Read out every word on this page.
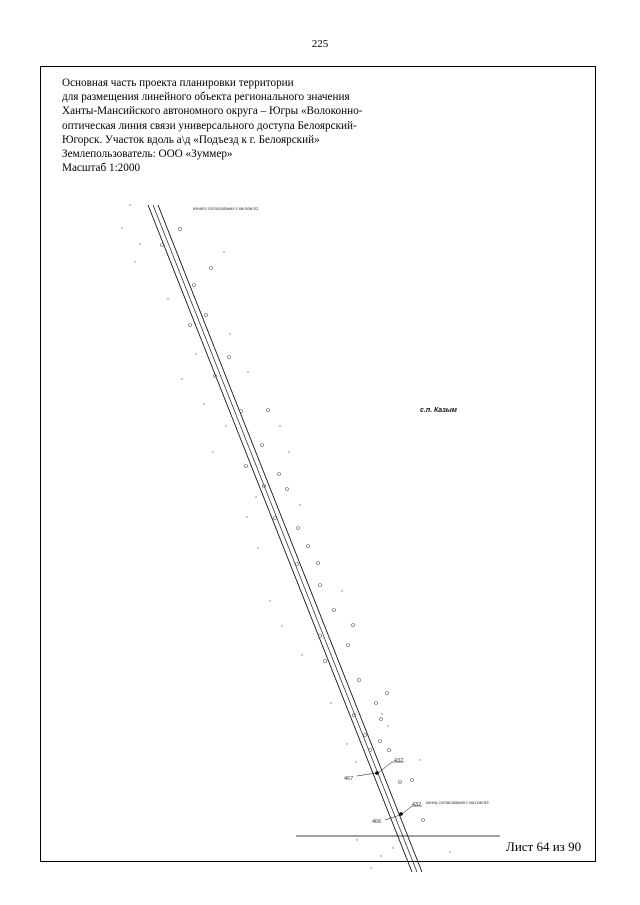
225
Основная часть проекта планировки территории
для размещения линейного объекта регионального значения
Ханты-Мансийского автономного округа – Югры «Волоконно-
оптическая линия связи универсального доступа Белоярский-
Югорск. Участок вдоль а\д «Подъезд к г. Белоярский»
Землепользователь: ООО «Зуммер»
Масштаб 1:2000
начало согласования с км.пом 61
конец согласования с км.пом 63
с.п. Казым
467
432
432
466
Лист 64 из 90
